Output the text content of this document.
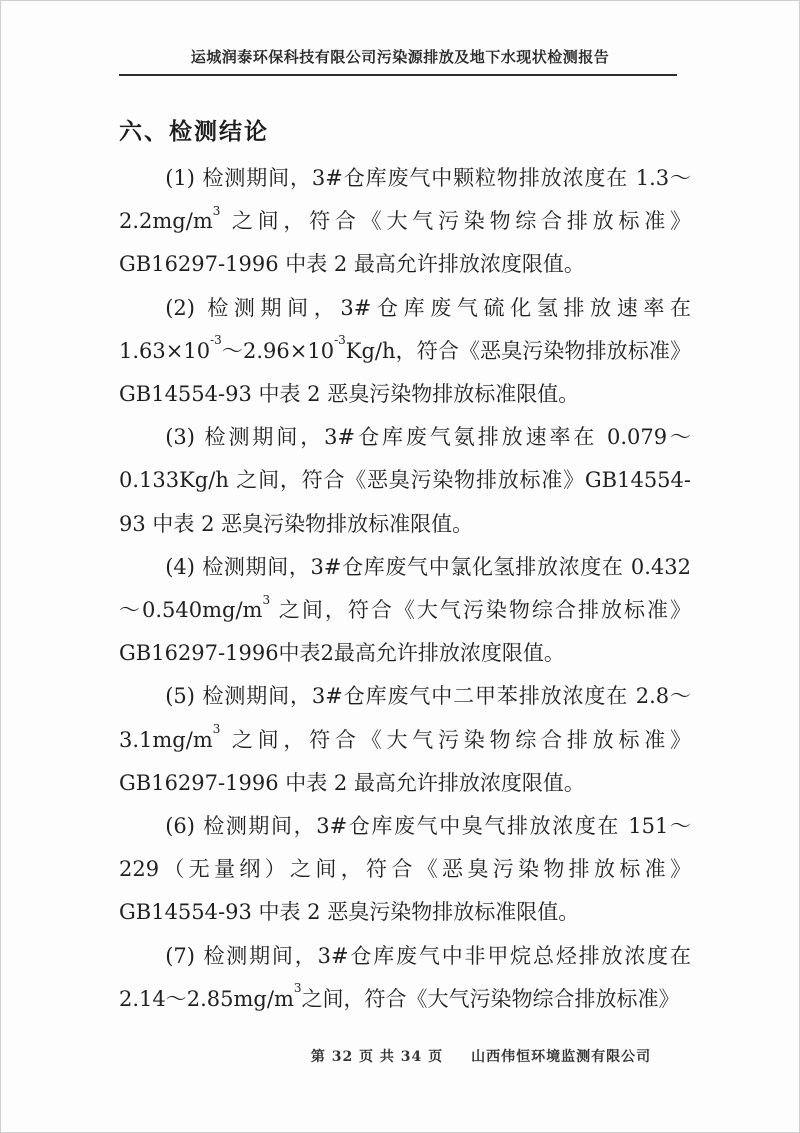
运城润泰环保科技有限公司污染源排放及地下水现状检测报告
六、检测结论

(1) 检测期间，3#仓库废气中颗粒物排放浓度在 $1.3\sim 2.2mg/m^3$ 之间，符合《大气污染物综合排放标准》GB16297-1996 中表 2 最高允许排放浓度限值。

(2) 检测期间，3#仓库废气硫化氢排放速率在 $1.63\times 10^{-3}\sim 2.96\times 10^{-3}Kg/h$，符合《恶臭污染物排放标准》GB14554-93 中表 2 恶臭污染物排放标准限值。

(3) 检测期间，3#仓库废气氨排放速率在 0.079～0.133Kg/h 之间，符合《恶臭污染物排放标准》GB14554-93 中表 2 恶臭污染物排放标准限值。

(4) 检测期间，3#仓库废气中氯化氢排放浓度在 $0.432\sim 0.540mg/m^3$ 之间，符合《大气污染物综合排放标准》GB16297-1996中表2最高允许排放浓度限值。

(5) 检测期间，3#仓库废气中二甲苯排放浓度在 $2.8\sim 3.1mg/m^3$ 之间，符合《大气污染物综合排放标准》GB16297-1996 中表 2 最高允许排放浓度限值。

(6) 检测期间，3#仓库废气中臭气排放浓度在 151～229（无量纲）之间，符合《恶臭污染物排放标准》GB14554-93 中表 2 恶臭污染物排放标准限值。

(7) 检测期间，3#仓库废气中非甲烷总烃排放浓度在 $2.14\sim 2.85mg/m^3$之间，符合《大气污染物综合排放标准》

第 32 页 共 34 页 山西伟恒环境监测有限公司
